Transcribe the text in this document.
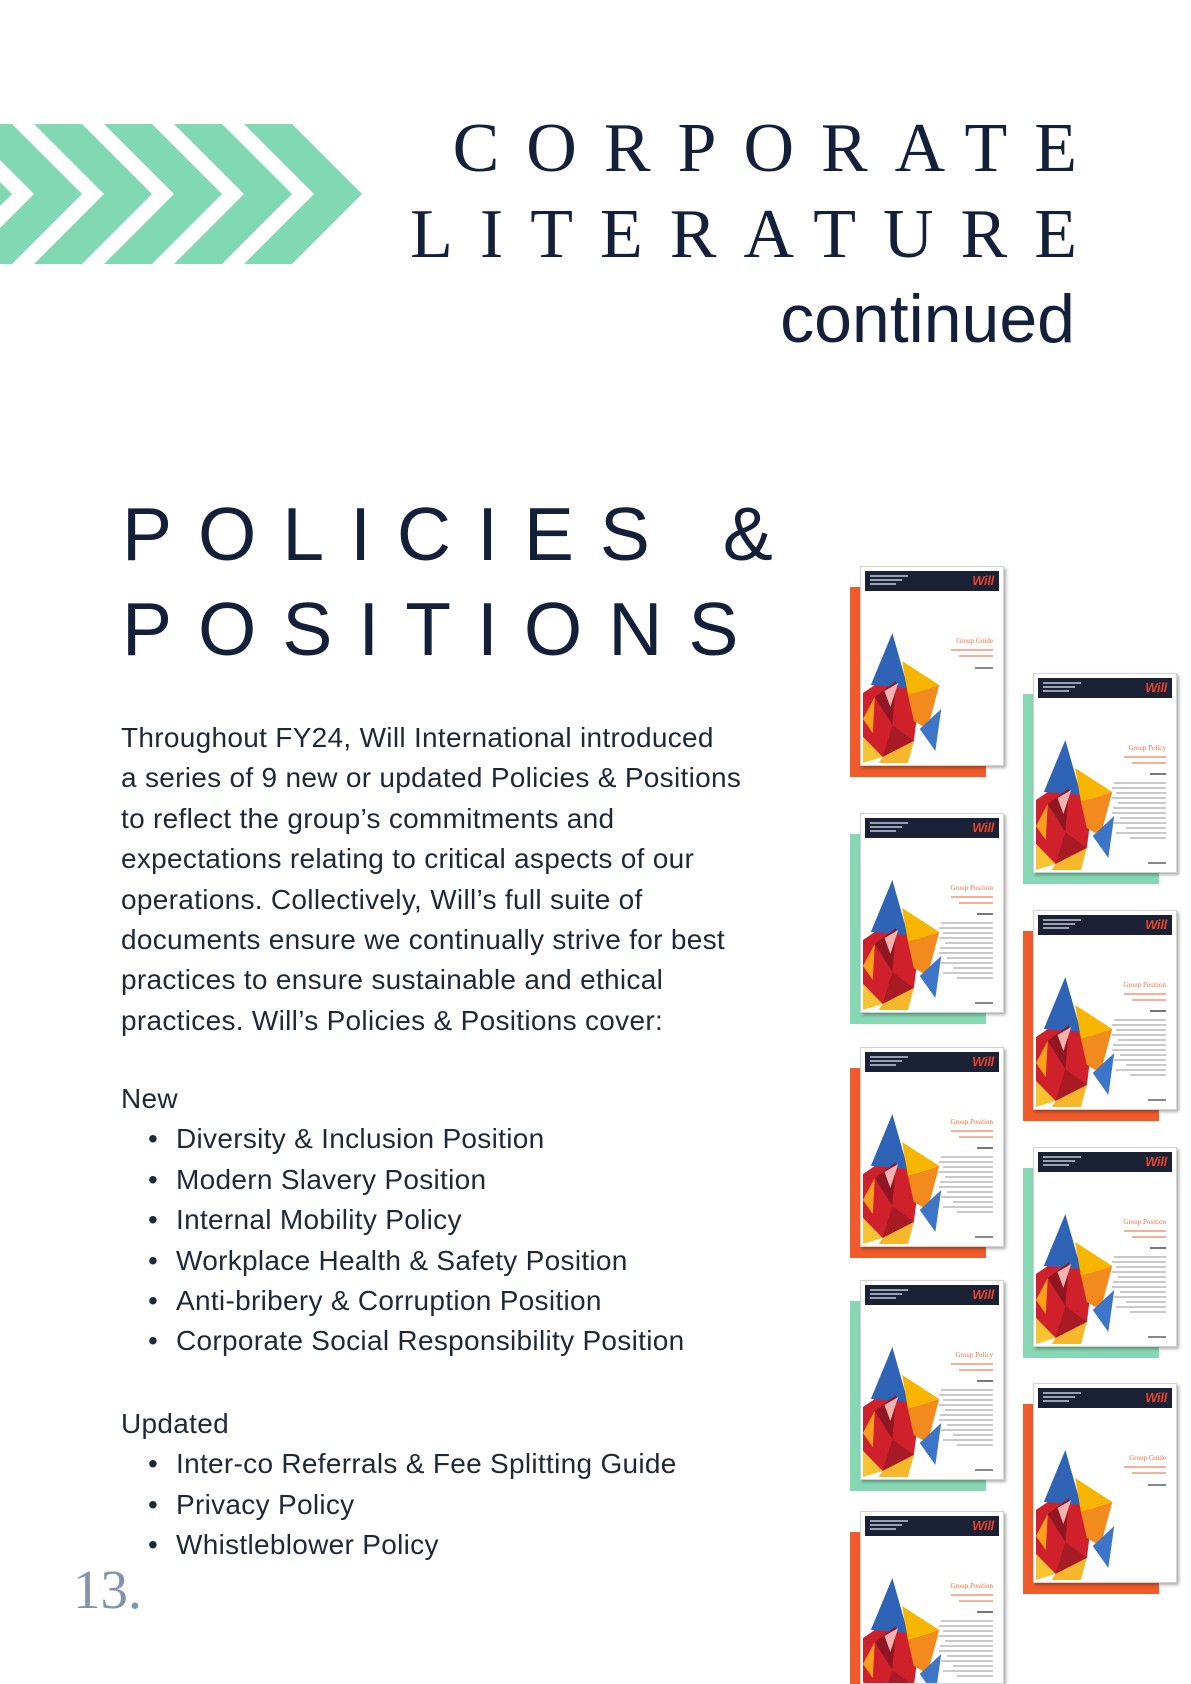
CORPORATE
LITERATURE
continued
POLICIES &
POSITIONS
Throughout FY24, Will International introduced
a series of 9 new or updated Policies & Positions
to reflect the group’s commitments and
expectations relating to critical aspects of our
operations. Collectively, Will’s full suite of
documents ensure we continually strive for best
practices to ensure sustainable and ethical
practices. Will’s Policies & Positions cover:
New
• Diversity & Inclusion Position
• Modern Slavery Position
• Internal Mobility Policy
• Workplace Health & Safety Position
• Anti-bribery & Corruption Position
• Corporate Social Responsibility Position
Updated
• Inter-co Referrals & Fee Splitting Guide
• Privacy Policy
• Whistleblower Policy
13.
Will
Group Guide
Will
Group Position
Will
Group Position
Will
Group Policy
Will
Group Position
Will
Group Policy
Will
Group Position
Will
Group Position
Will
Group Guide
